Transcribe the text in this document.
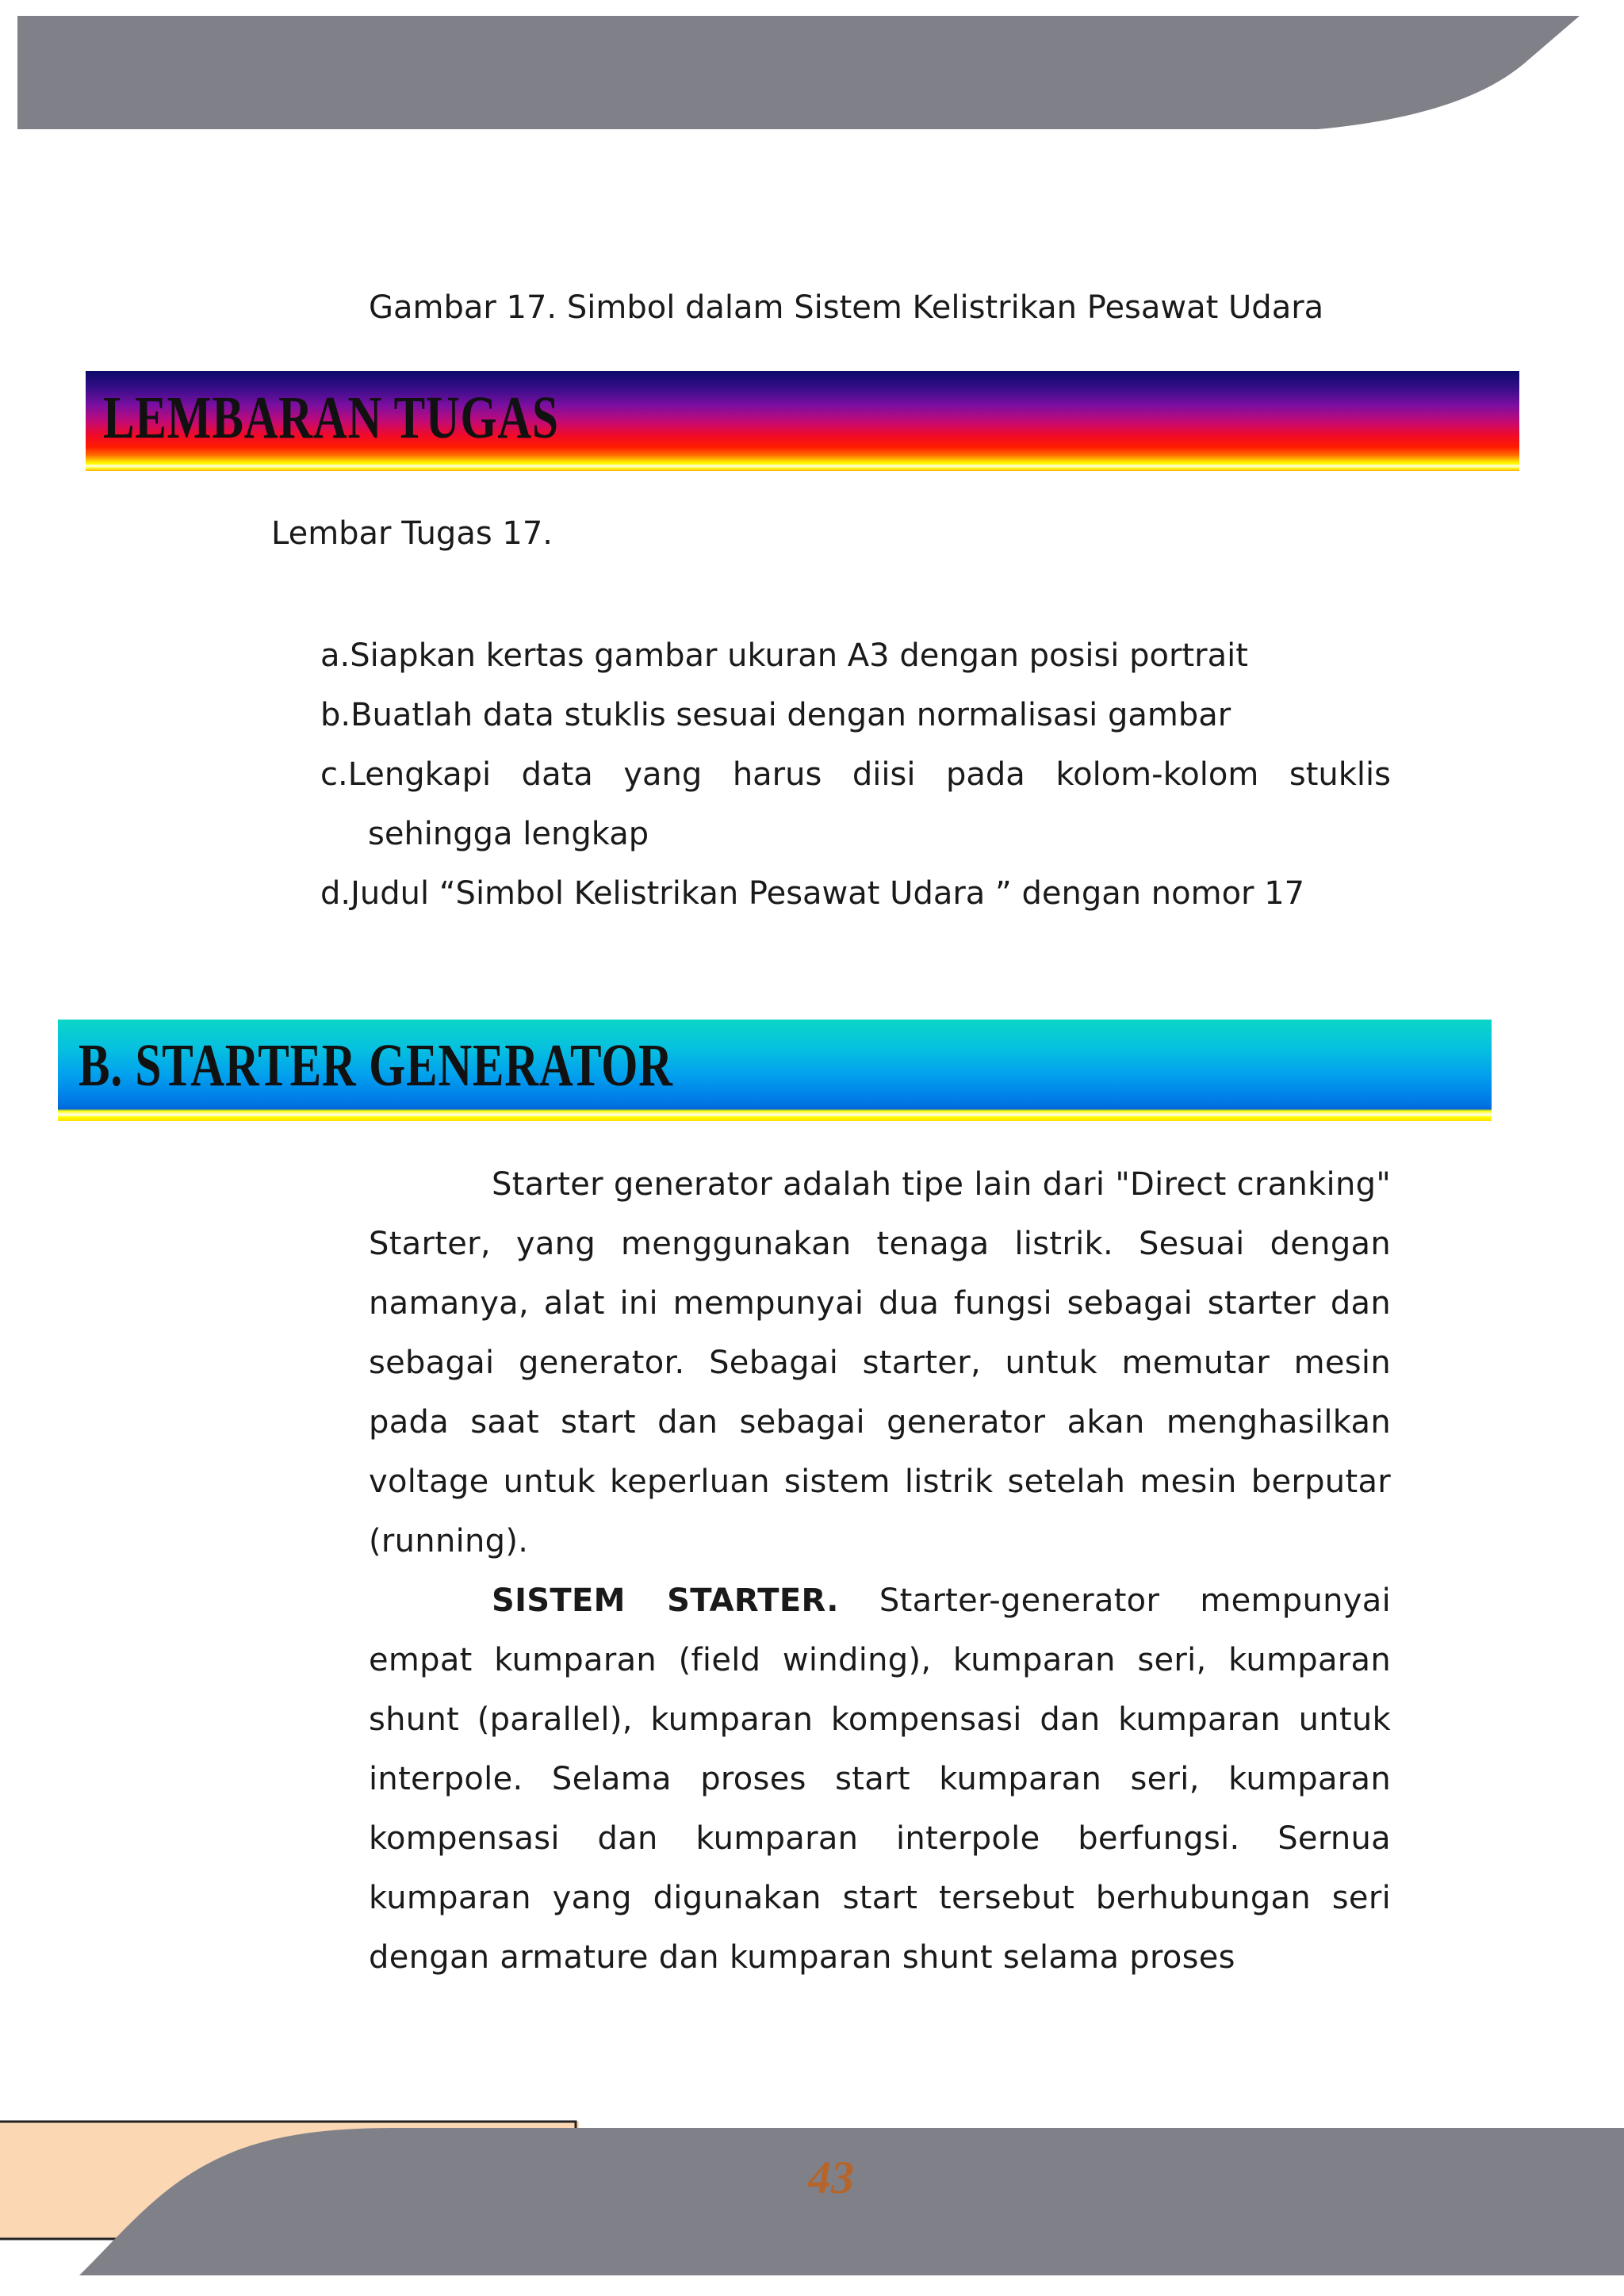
Gambar 17. Simbol dalam Sistem Kelistrikan Pesawat Udara
LEMBARAN TUGAS
Lembar Tugas 17.
a.Siapkan kertas gambar ukuran A3 dengan posisi portrait
b.Buatlah data stuklis sesuai dengan normalisasi gambar
c.Lengkapi data yang harus diisi pada kolom-kolom stuklis
sehingga lengkap
d.Judul “Simbol Kelistrikan Pesawat Udara ” dengan nomor 17
B. STARTER GENERATOR

Starter generator adalah tipe lain dari "Direct cranking" Starter, yang menggunakan tenaga listrik. Sesuai dengan namanya, alat ini mempunyai dua fungsi sebagai starter dan sebagai generator. Sebagai starter, untuk memutar mesin pada saat start dan sebagai generator akan menghasilkan voltage untuk keperluan sistem listrik setelah mesin berputar (running).

SISTEM STARTER. Starter-generator mempunyai empat kumparan (field winding), kumparan seri, kumparan shunt (parallel), kumparan kompensasi dan kumparan untuk interpole. Selama proses start kumparan seri, kumparan kompensasi dan kumparan interpole berfungsi. Sernua kumparan yang digunakan start tersebut berhubungan seri dengan armature dan kumparan shunt selama proses

43
